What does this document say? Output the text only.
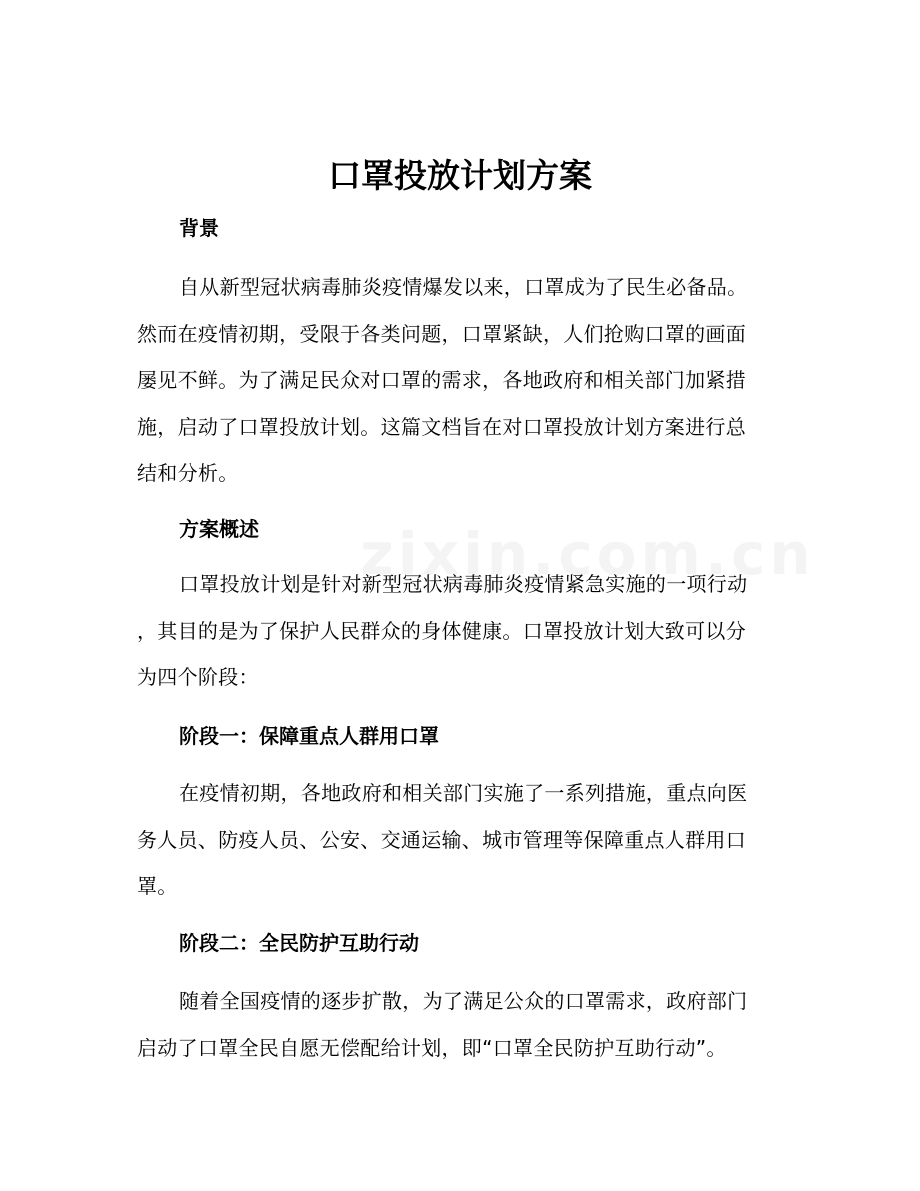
口罩投放计划方案
背景
自从新型冠状病毒肺炎疫情爆发以来，口罩成为了民生必备品。
然而在疫情初期，受限于各类问题，口罩紧缺，人们抢购口罩的画面
屡见不鲜。为了满足民众对口罩的需求，各地政府和相关部门加紧措
施，启动了口罩投放计划。这篇文档旨在对口罩投放计划方案进行总
结和分析。
方案概述
口罩投放计划是针对新型冠状病毒肺炎疫情紧急实施的一项行动
，其目的是为了保护人民群众的身体健康。口罩投放计划大致可以分
为四个阶段：
阶段一：保障重点人群用口罩
在疫情初期，各地政府和相关部门实施了一系列措施，重点向医
务人员、防疫人员、公安、交通运输、城市管理等保障重点人群用口
罩。
阶段二：全民防护互助行动
随着全国疫情的逐步扩散，为了满足公众的口罩需求，政府部门
启动了口罩全民自愿无偿配给计划，即“口罩全民防护互助行动”。
